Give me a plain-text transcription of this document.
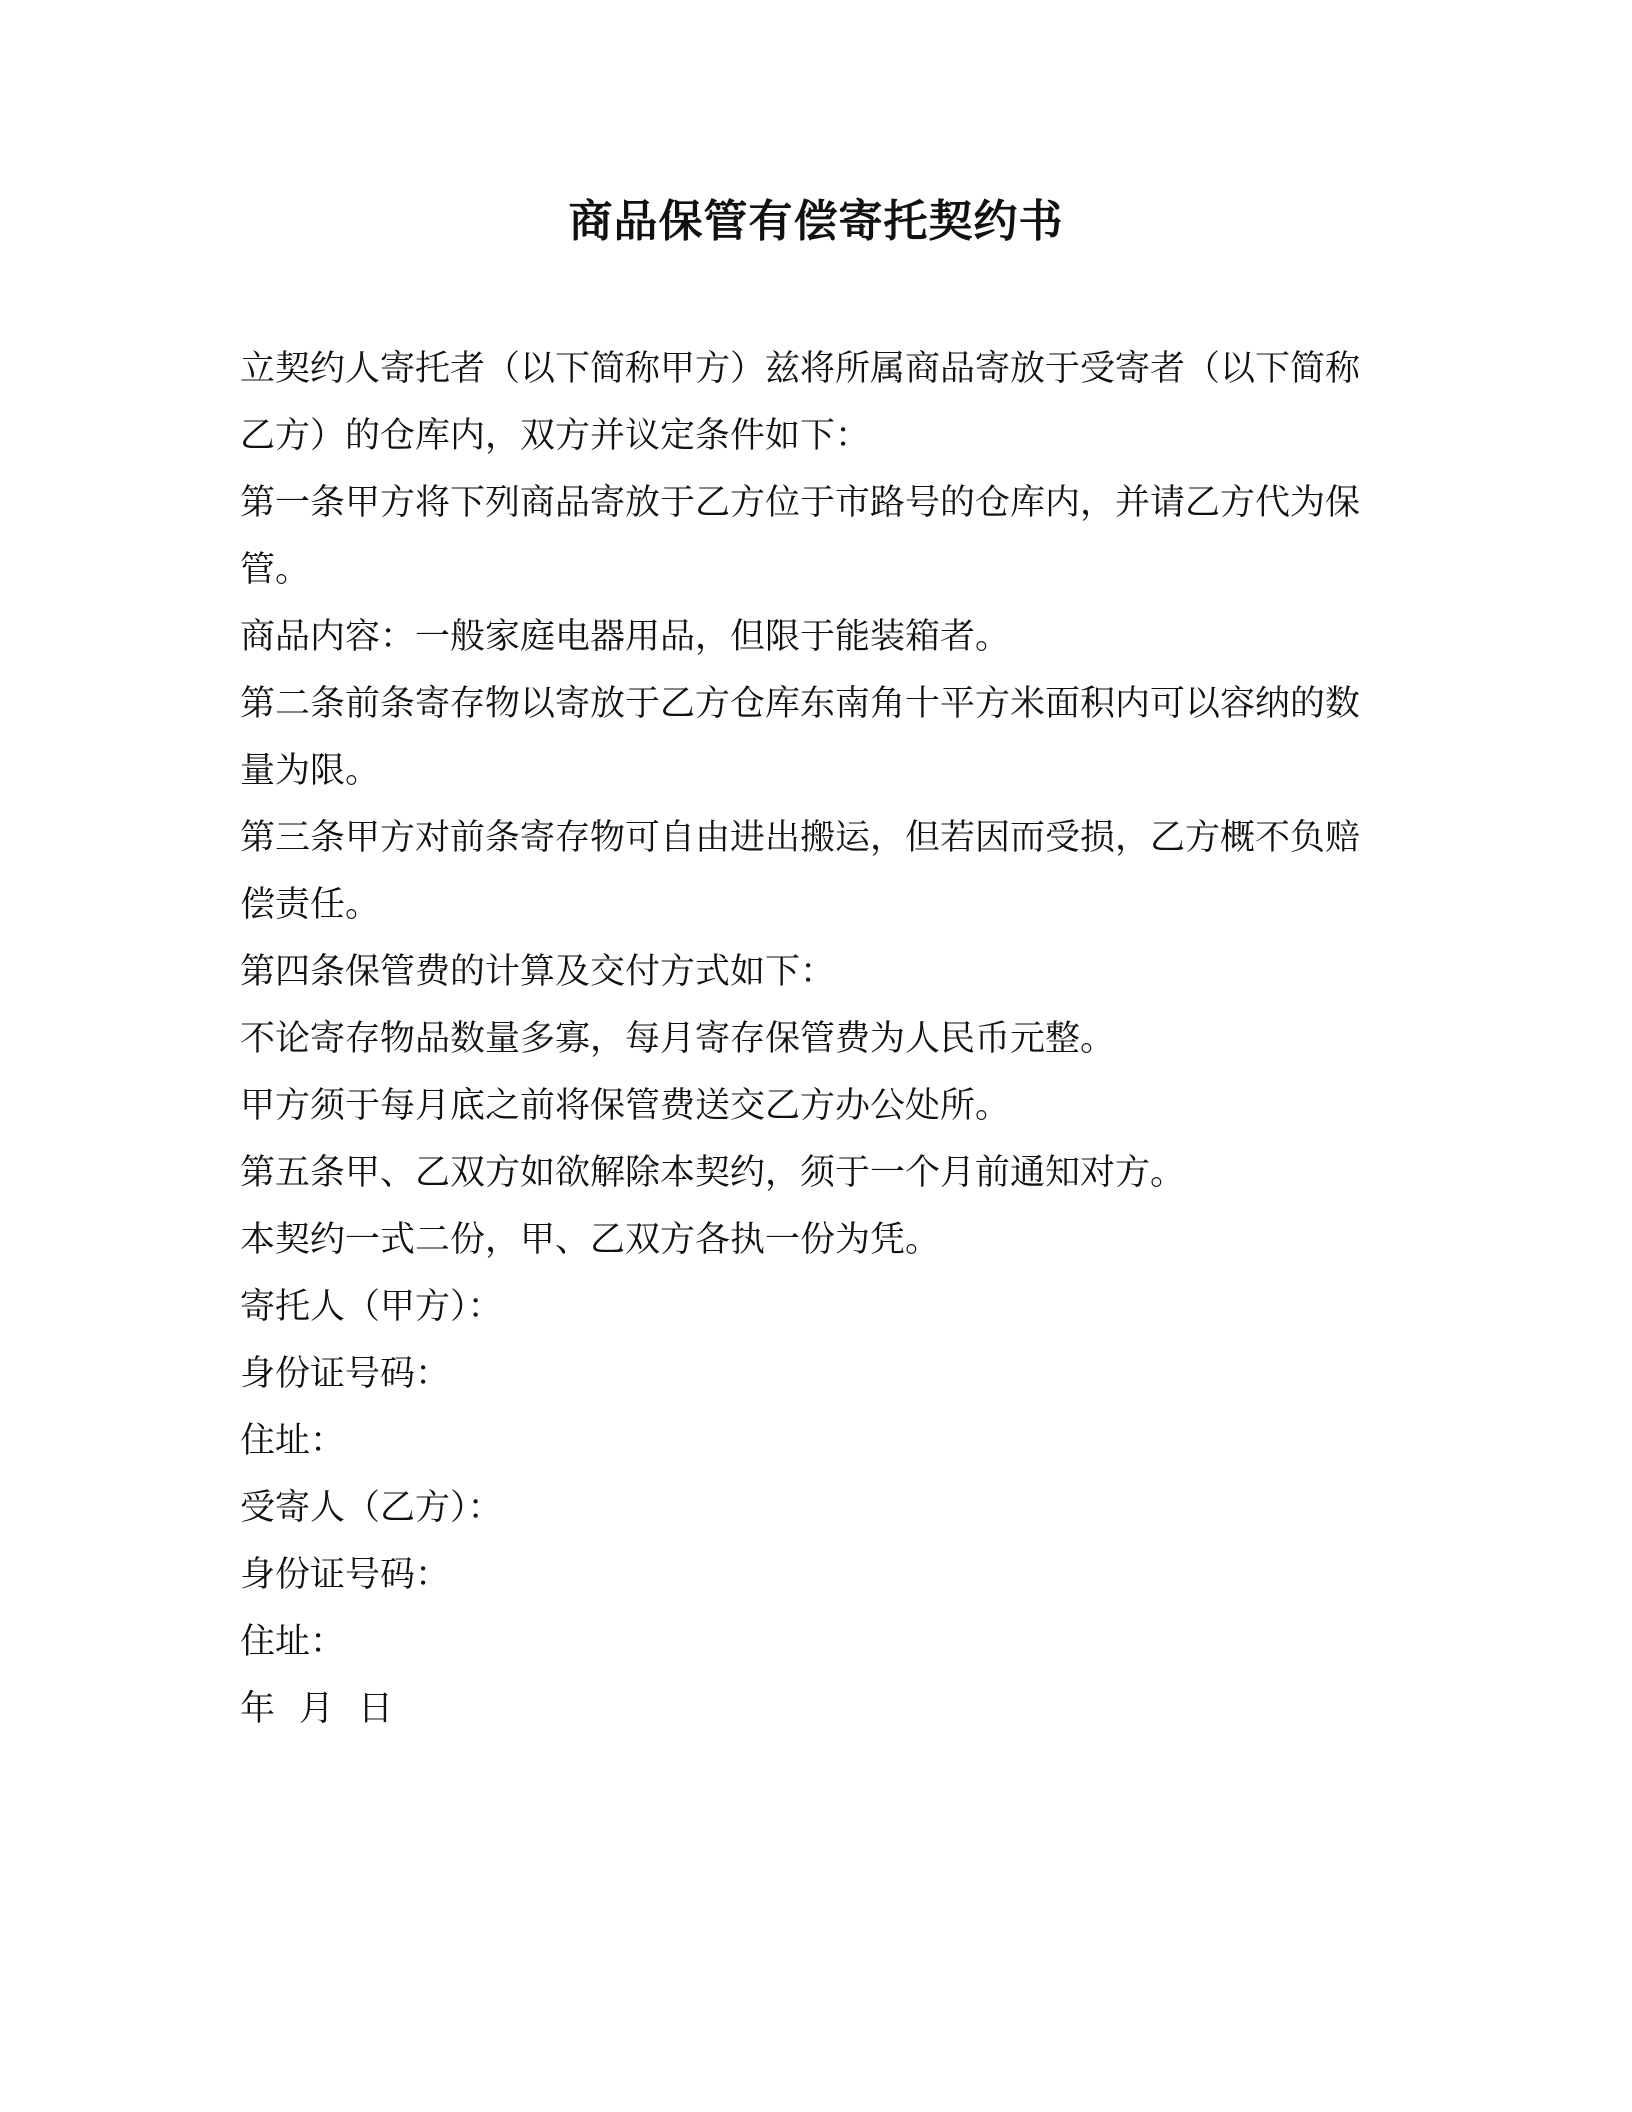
商品保管有偿寄托契约书

立契约人寄托者（以下简称甲方）兹将所属商品寄放于受寄者（以下简称乙方）的仓库内，双方并议定条件如下：

第一条甲方将下列商品寄放于乙方位于市路号的仓库内，并请乙方代为保管。

商品内容：一般家庭电器用品，但限于能装箱者。

第二条前条寄存物以寄放于乙方仓库东南角十平方米面积内可以容纳的数量为限。

第三条甲方对前条寄存物可自由进出搬运，但若因而受损，乙方概不负赔偿责任。

第四条保管费的计算及交付方式如下：

不论寄存物品数量多寡，每月寄存保管费为人民币元整。

甲方须于每月底之前将保管费送交乙方办公处所。

第五条甲、乙双方如欲解除本契约，须于一个月前通知对方。

本契约一式二份，甲、乙双方各执一份为凭。

寄托人（甲方）：

身份证号码：

住址：

受寄人（乙方）：

身份证号码：

住址：

年 月 日
